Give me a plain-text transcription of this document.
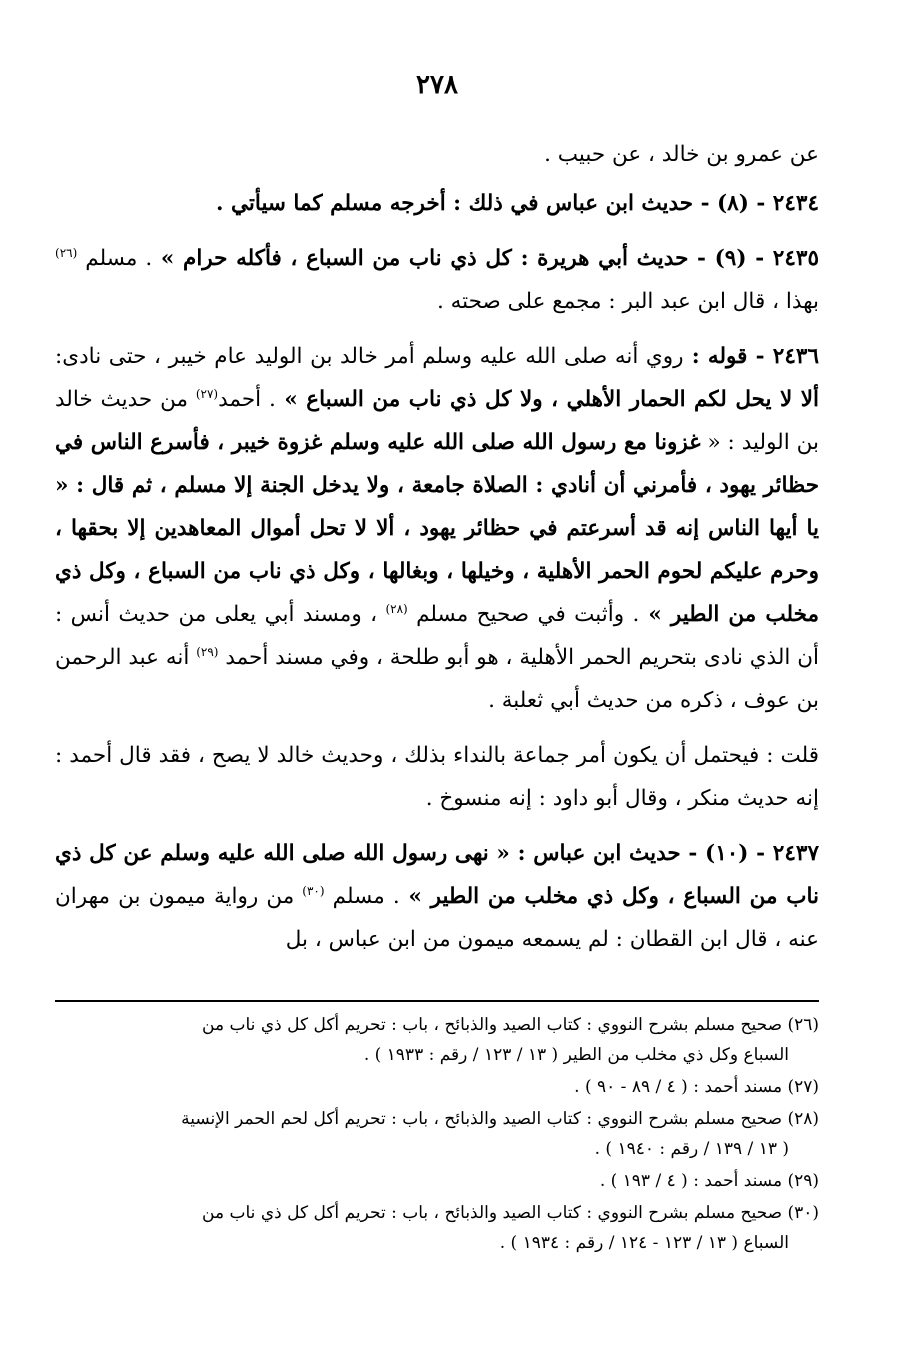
٢٧٨

عن عمرو بن خالد ، عن حبيب .

٢٤٣٤ - (٨) - حديث ابن عباس في ذلك : أخرجه مسلم كما سيأتي .

٢٤٣٥ - (٩) - حديث أبي هريرة : كل ذي ناب من السباع ، فأكله حرام » . مسلم $^{(٢٦)}$ بهذا ، قال ابن عبد البر : مجمع على صحته .

٢٤٣٦ - قوله : روي أنه صلى الله عليه وسلم أمر خالد بن الوليد عام خيبر ، حتى نادى: ألا لا يحل لكم الحمار الأهلي ، ولا كل ذي ناب من السباع » . أحمد$^{(٢٧)}$ من حديث خالد بن الوليد : « غزونا مع رسول الله صلى الله عليه وسلم غزوة خيبر ، فأسرع الناس في حظائر يهود ، فأمرني أن أنادي : الصلاة جامعة ، ولا يدخل الجنة إلا مسلم ، ثم قال : « يا أيها الناس إنه قد أسرعتم في حظائر يهود ، ألا لا تحل أموال المعاهدين إلا بحقها ، وحرم عليكم لحوم الحمر الأهلية ، وخيلها ، وبغالها ، وكل ذي ناب من السباع ، وكل ذي مخلب من الطير » . وأثبت في صحيح مسلم $^{(٢٨)}$ ، ومسند أبي يعلى من حديث أنس : أن الذي نادى بتحريم الحمر الأهلية ، هو أبو طلحة ، وفي مسند أحمد $^{(٢٩)}$ أنه عبد الرحمن بن عوف ، ذكره من حديث أبي ثعلبة .

قلت : فيحتمل أن يكون أمر جماعة بالنداء بذلك ، وحديث خالد لا يصح ، فقد قال أحمد : إنه حديث منكر ، وقال أبو داود : إنه منسوخ .

٢٤٣٧ - (١٠) - حديث ابن عباس : « نهى رسول الله صلى الله عليه وسلم عن كل ذي ناب من السباع ، وكل ذي مخلب من الطير » . مسلم $^{(٣٠)}$ من رواية ميمون بن مهران عنه ، قال ابن القطان : لم يسمعه ميمون من ابن عباس ، بل

(٢٦) صحيح مسلم بشرح النووي : كتاب الصيد والذبائح ، باب : تحريم أكل كل ذي ناب من
السباع وكل ذي مخلب من الطير ( ١٣ / ١٢٣ / رقم : ١٩٣٣ ) .
(٢٧) مسند أحمد : ( ٤ / ٨٩ - ٩٠ ) .
(٢٨) صحيح مسلم بشرح النووي : كتاب الصيد والذبائح ، باب : تحريم أكل لحم الحمر الإنسية
( ١٣ / ١٣٩ / رقم : ١٩٤٠ ) .
(٢٩) مسند أحمد : ( ٤ / ١٩٣ ) .
(٣٠) صحيح مسلم بشرح النووي : كتاب الصيد والذبائح ، باب : تحريم أكل كل ذي ناب من
السباع ( ١٣ / ١٢٣ - ١٢٤ / رقم : ١٩٣٤ ) .
